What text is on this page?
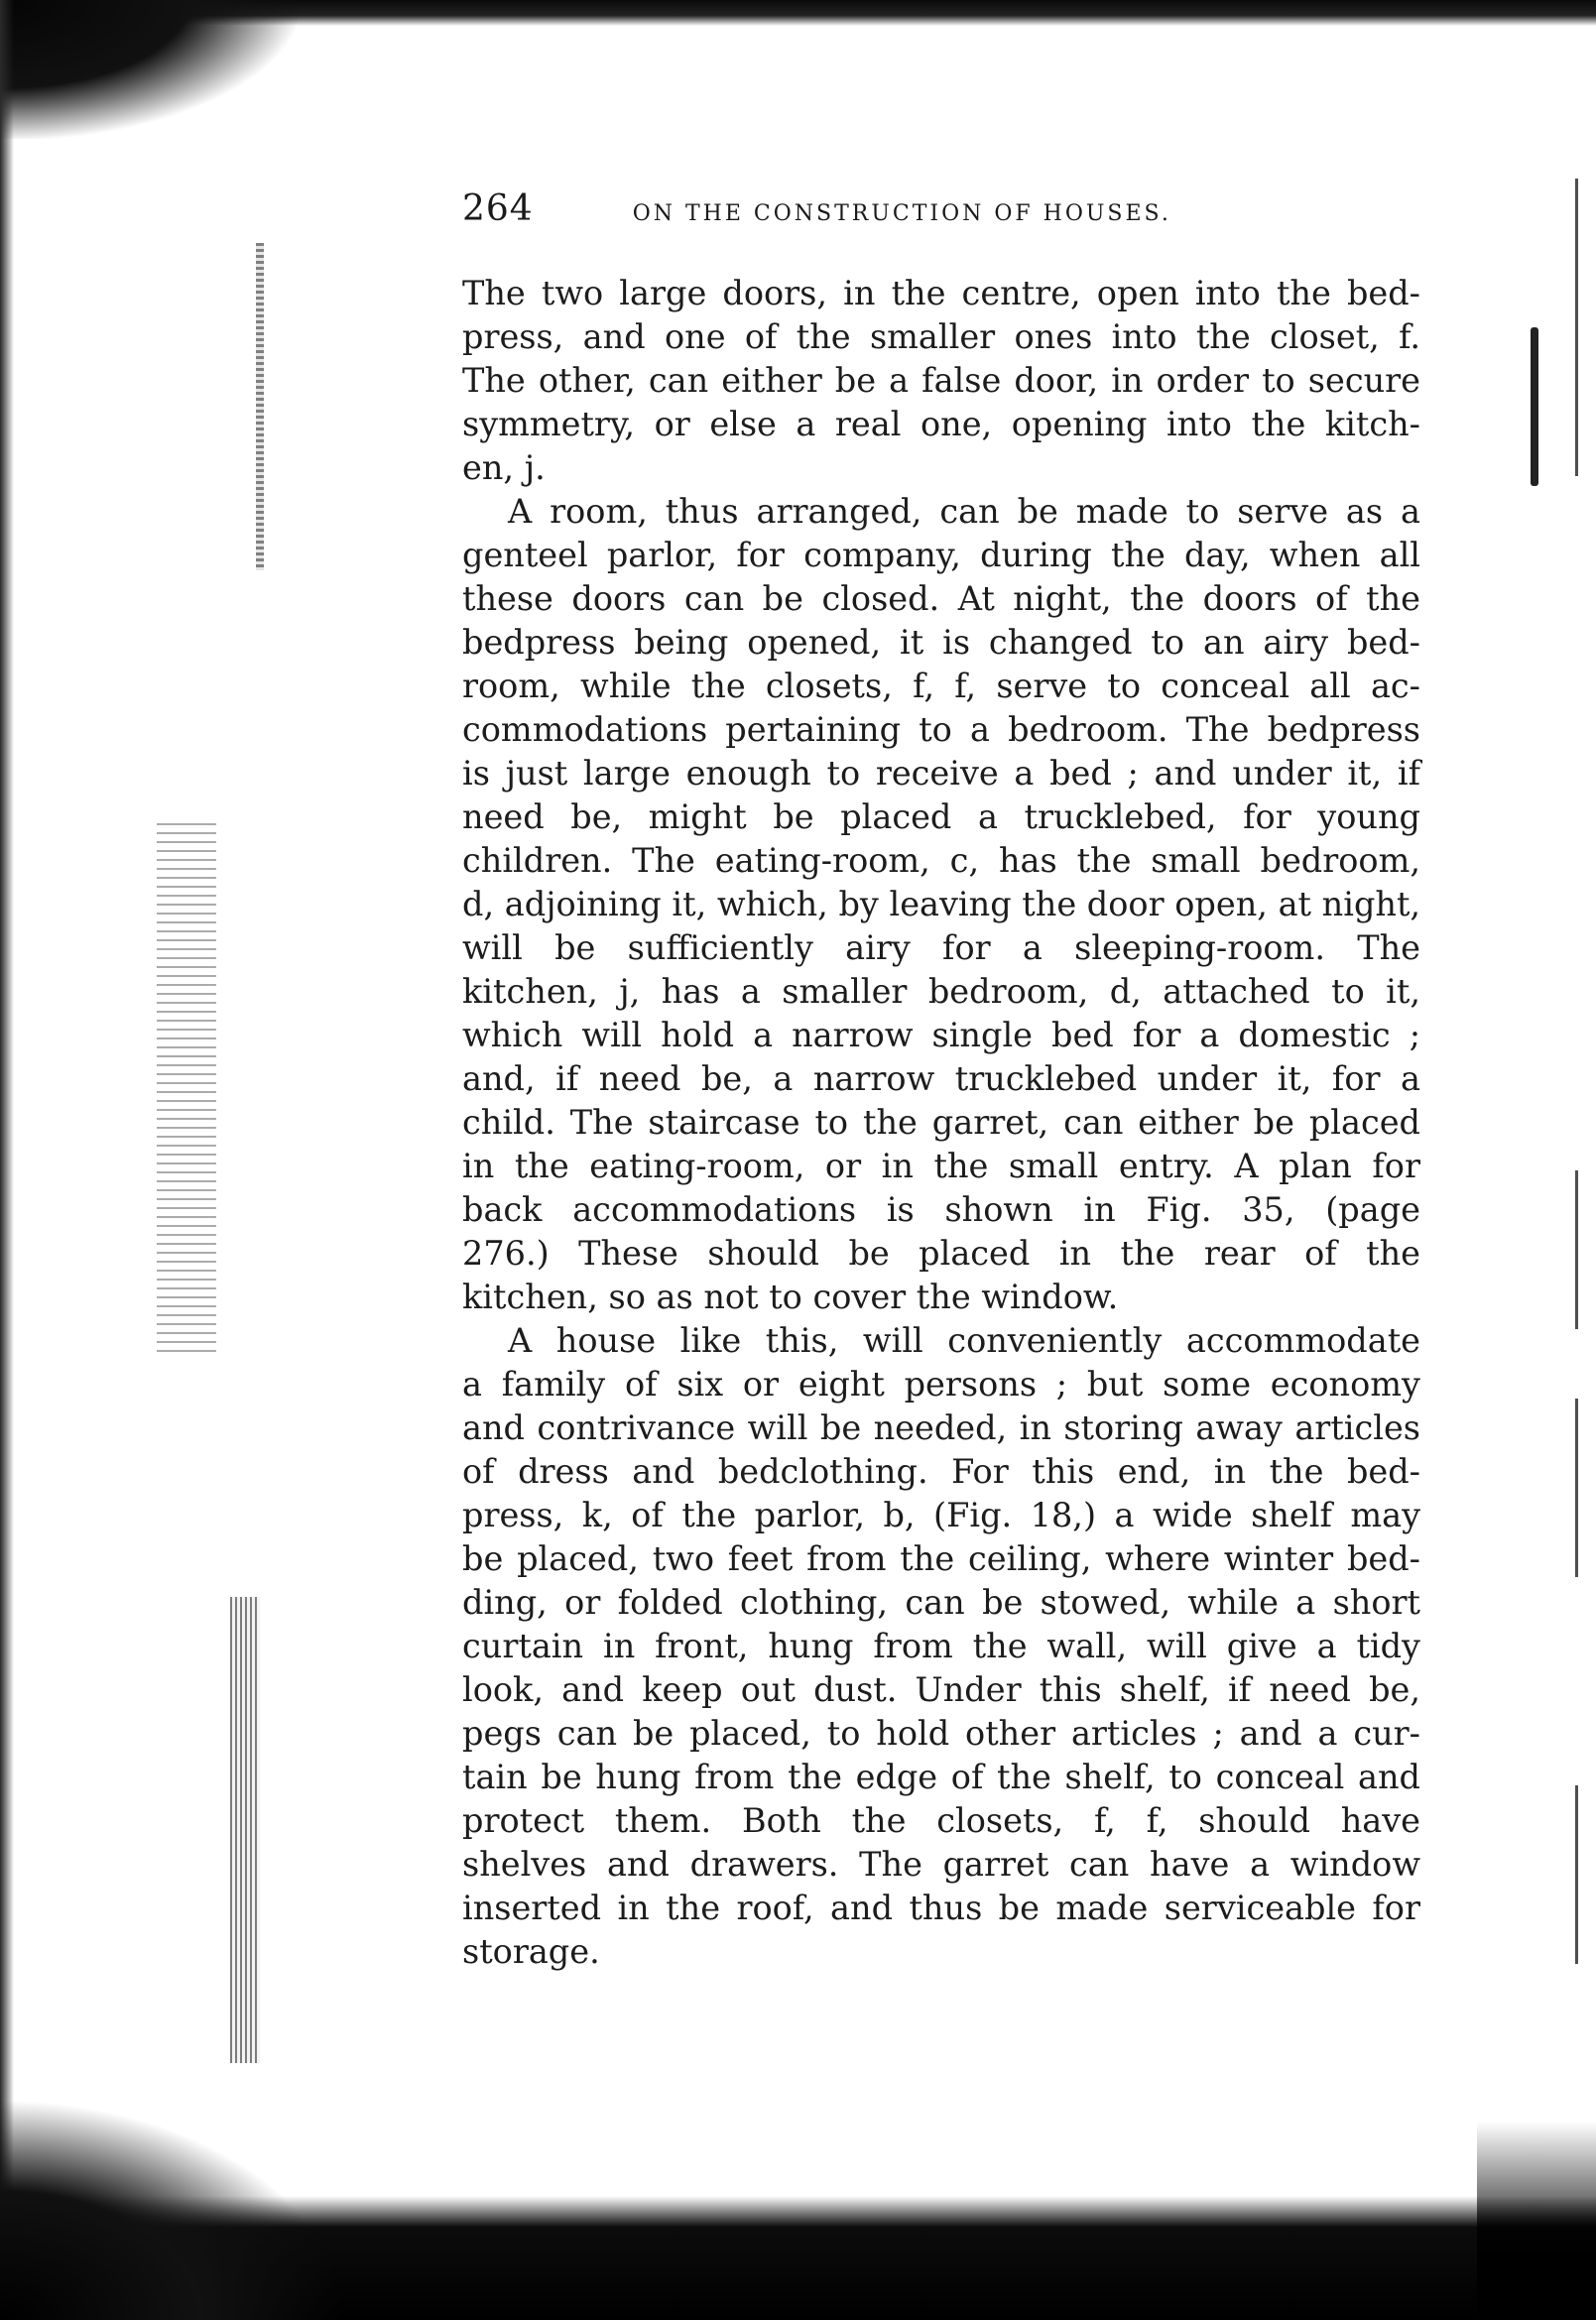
264	ON THE CONSTRUCTION OF HOUSES.
The two large doors, in the centre, open into the bed-
press, and one of the smaller ones into the closet, f.
The other, can either be a false door, in order to secure
symmetry, or else a real one, opening into the kitch-
en, j.
A room, thus arranged, can be made to serve as a
genteel parlor, for company, during the day, when all
these doors can be closed. At night, the doors of the
bedpress being opened, it is changed to an airy bed-
room, while the closets, f, f, serve to conceal all ac-
commodations pertaining to a bedroom. The bedpress
is just large enough to receive a bed ; and under it, if
need be, might be placed a trucklebed, for young
children. The eating-room, c, has the small bedroom,
d, adjoining it, which, by leaving the door open, at night,
will be sufficiently airy for a sleeping-room. The
kitchen, j, has a smaller bedroom, d, attached to it,
which will hold a narrow single bed for a domestic ;
and, if need be, a narrow trucklebed under it, for a
child. The staircase to the garret, can either be placed
in the eating-room, or in the small entry. A plan for
back accommodations is shown in Fig. 35, (page
276.) These should be placed in the rear of the
kitchen, so as not to cover the window.
A house like this, will conveniently accommodate
a family of six or eight persons ; but some economy
and contrivance will be needed, in storing away articles
of dress and bedclothing. For this end, in the bed-
press, k, of the parlor, b, (Fig. 18,) a wide shelf may
be placed, two feet from the ceiling, where winter bed-
ding, or folded clothing, can be stowed, while a short
curtain in front, hung from the wall, will give a tidy
look, and keep out dust. Under this shelf, if need be,
pegs can be placed, to hold other articles ; and a cur-
tain be hung from the edge of the shelf, to conceal and
protect them. Both the closets, f, f, should have
shelves and drawers. The garret can have a window
inserted in the roof, and thus be made serviceable for
storage.
